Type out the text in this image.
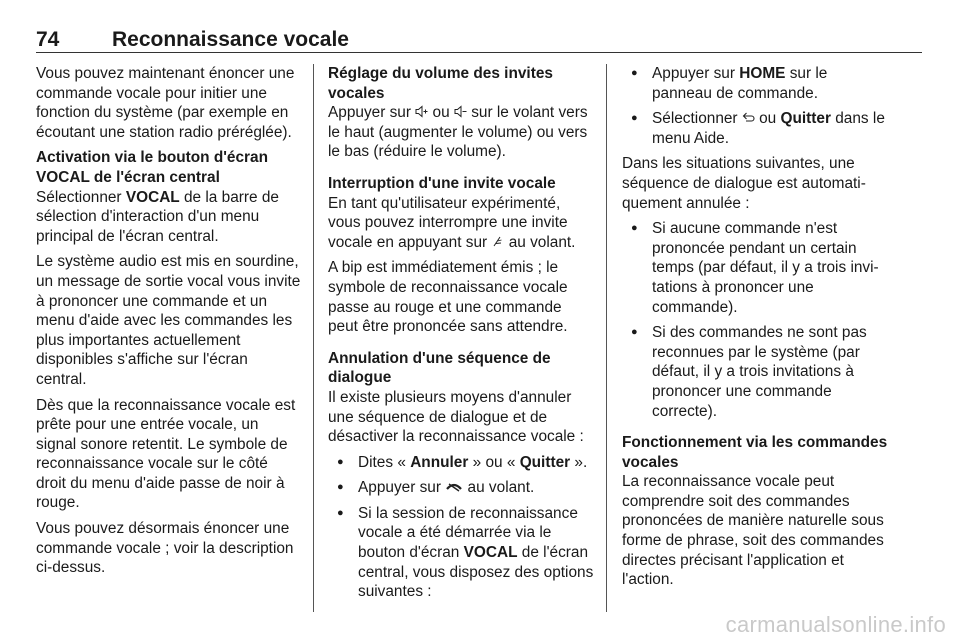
74	Reconnaissance vocale

Vous pouvez maintenant énoncer une commande vocale pour initier une fonction du système (par exemple en écoutant une station radio préréglée).

Activation via le bouton d'écran VOCAL de l'écran central

Sélectionner VOCAL de la barre de sélection d'interaction d'un menu principal de l'écran central.

Le système audio est mis en sourdine, un message de sortie vocal vous invite à prononcer une commande et un menu d'aide avec les commandes les plus importantes actuellement disponibles s'affiche sur l'écran central.

Dès que la reconnaissance vocale est prête pour une entrée vocale, un signal sonore retentit. Le symbole de reconnaissance vocale sur le côté droit du menu d'aide passe de noir à rouge.

Vous pouvez désormais énoncer une commande vocale ; voir la description ci-dessus.

Réglage du volume des invites vocales

Appuyer sur
ou
sur le volant vers le haut (augmenter le volume) ou vers le bas (réduire le volume).

Interruption d'une invite vocale

En tant qu'utilisateur expérimenté, vous pouvez interrompre une invite vocale en appuyant sur
au volant.

A bip est immédiatement émis ; le symbole de reconnaissance vocale passe au rouge et une commande peut être prononcée sans attendre.

Annulation d'une séquence de dialogue

Il existe plusieurs moyens d'annuler une séquence de dialogue et de désactiver la reconnaissance vocale :

● Dites « Annuler » ou « Quitter ».
● Appuyer sur
au volant.
● Si la session de reconnaissance vocale a été démarrée via le bouton d'écran VOCAL de l'écran central, vous disposez des options suivantes :
● Appuyer sur HOME sur le panneau de commande.
● Sélectionner
ou Quitter dans le menu Aide.

Dans les situations suivantes, une séquence de dialogue est automatiquement annulée :

● Si aucune commande n'est prononcée pendant un certain temps (par défaut, il y a trois invitations à prononcer une commande).
● Si des commandes ne sont pas reconnues par le système (par défaut, il y a trois invitations à prononcer une commande correcte).

Fonctionnement via les commandes vocales

La reconnaissance vocale peut comprendre soit des commandes prononcées de manière naturelle sous forme de phrase, soit des commandes directes précisant l'application et l'action.

carmanualsonline.info
